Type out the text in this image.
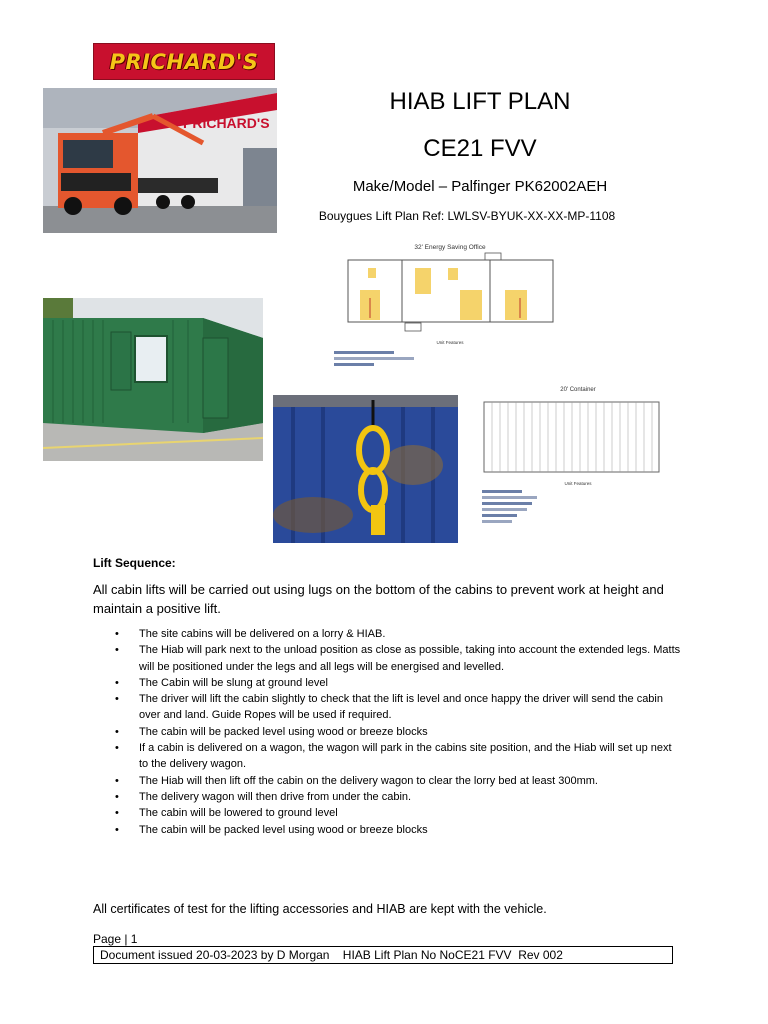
PRICHARD'S
PRICHARD'S
HIAB LIFT PLAN
CE21 FVV
Make/Model – Palfinger PK62002AEH
Bouygues Lift Plan Ref: LWLSV-BYUK-XX-XX-MP-1108
32' Energy Saving Office
Unit Features
20' Container
Unit Features
Lift Sequence:
All cabin lifts will be carried out using lugs on the bottom of the cabins to prevent work at height and maintain a positive lift.
• The site cabins will be delivered on a lorry & HIAB.
• The Hiab will park next to the unload position as close as possible, taking into account the extended legs. Matts will be positioned under the legs and all legs will be energised and levelled.
• The Cabin will be slung at ground level
• The driver will lift the cabin slightly to check that the lift is level and once happy the driver will send the cabin over and land. Guide Ropes will be used if required.
• The cabin will be packed level using wood or breeze blocks
• If a cabin is delivered on a wagon, the wagon will park in the cabins site position, and the Hiab will set up next to the delivery wagon.
• The Hiab will then lift off the cabin on the delivery wagon to clear the lorry bed at least 300mm.
• The delivery wagon will then drive from under the cabin.
• The cabin will be lowered to ground level
• The cabin will be packed level using wood or breeze blocks
All certificates of test for the lifting accessories and HIAB are kept with the vehicle.
Page | 1
Document issued 20-03-2023 by D Morgan    HIAB Lift Plan No NoCE21 FVV  Rev 002
